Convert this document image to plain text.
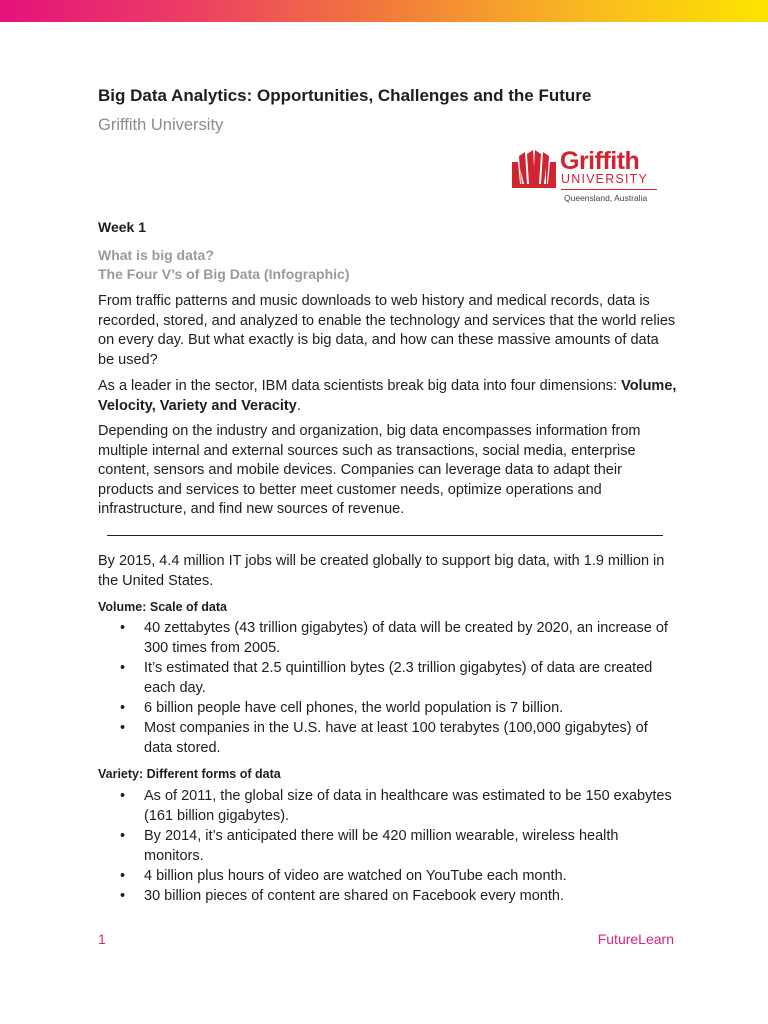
Big Data Analytics: Opportunities, Challenges and the Future

Griffith University

Griffith
UNIVERSITY
Queensland, Australia

Week 1

What is big data?

The Four V’s of Big Data (Infographic)

From traffic patterns and music downloads to web history and medical records, data is recorded, stored, and analyzed to enable the technology and services that the world relies on every day. But what exactly is big data, and how can these massive amounts of data be used?

As a leader in the sector, IBM data scientists break big data into four dimensions: Volume, Velocity, Variety and Veracity.

Depending on the industry and organization, big data encompasses information from multiple internal and external sources such as transactions, social media, enterprise content, sensors and mobile devices. Companies can leverage data to adapt their products and services to better meet customer needs, optimize operations and infrastructure, and find new sources of revenue.

By 2015, 4.4 million IT jobs will be created globally to support big data, with 1.9 million in the United States.

Volume: Scale of data

• 40 zettabytes (43 trillion gigabytes) of data will be created by 2020, an increase of 300 times from 2005.
• It’s estimated that 2.5 quintillion bytes (2.3 trillion gigabytes) of data are created each day.
• 6 billion people have cell phones, the world population is 7 billion.
• Most companies in the U.S. have at least 100 terabytes (100,000 gigabytes) of data stored.

Variety: Different forms of data

• As of 2011, the global size of data in healthcare was estimated to be 150 exabytes (161 billion gigabytes).
• By 2014, it’s anticipated there will be 420 million wearable, wireless health monitors.
• 4 billion plus hours of video are watched on YouTube each month.
• 30 billion pieces of content are shared on Facebook every month.

1	FutureLearn
